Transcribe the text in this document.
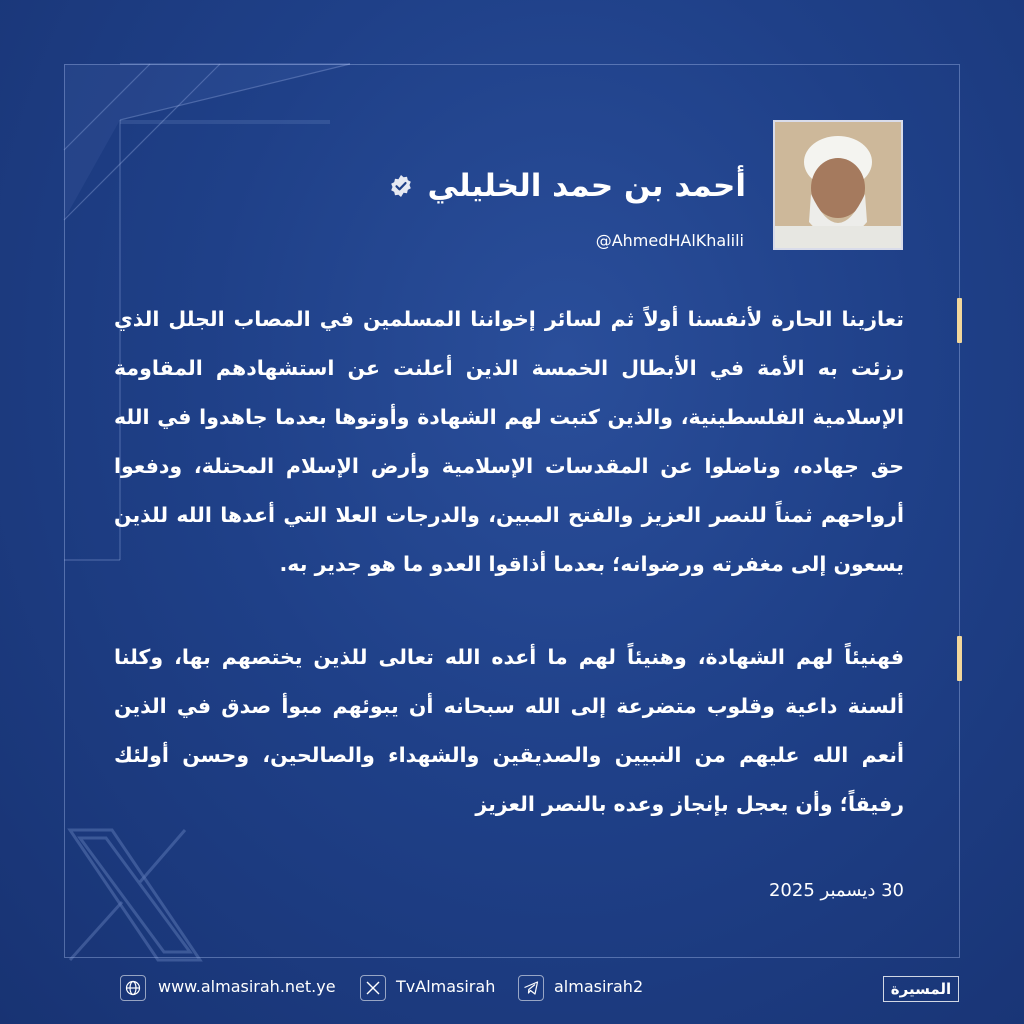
أحمد بن حمد الخليلي
@AhmedHAlKhalili
تعازينا الحارة لأنفسنا أولاً ثم لسائر إخواننا المسلمين في المصاب الجلل الذي رزئت به الأمة في الأبطال الخمسة الذين أعلنت عن استشهادهم المقاومة الإسلامية الفلسطينية، والذين كتبت لهم الشهادة وأوتوها بعدما جاهدوا في الله حق جهاده، وناضلوا عن المقدسات الإسلامية وأرض الإسلام المحتلة، ودفعوا أرواحهم ثمناً للنصر العزيز والفتح المبين، والدرجات العلا التي أعدها الله للذين يسعون إلى مغفرته ورضوانه؛ بعدما أذاقوا العدو ما هو جدير به.
فهنيئاً لهم الشهادة، وهنيئاً لهم ما أعده الله تعالى للذين يختصهم بها، وكلنا ألسنة داعية وقلوب متضرعة إلى الله سبحانه أن يبوئهم مبوأ صدق في الذين أنعم الله عليهم من النبيين والصديقين والشهداء والصالحين، وحسن أولئك رفيقاً؛ وأن يعجل بإنجاز وعده بالنصر العزيز
30 ديسمبر 2025
www.almasirah.net.ye	TvAlmasirah	almasirah2	المسيرة
